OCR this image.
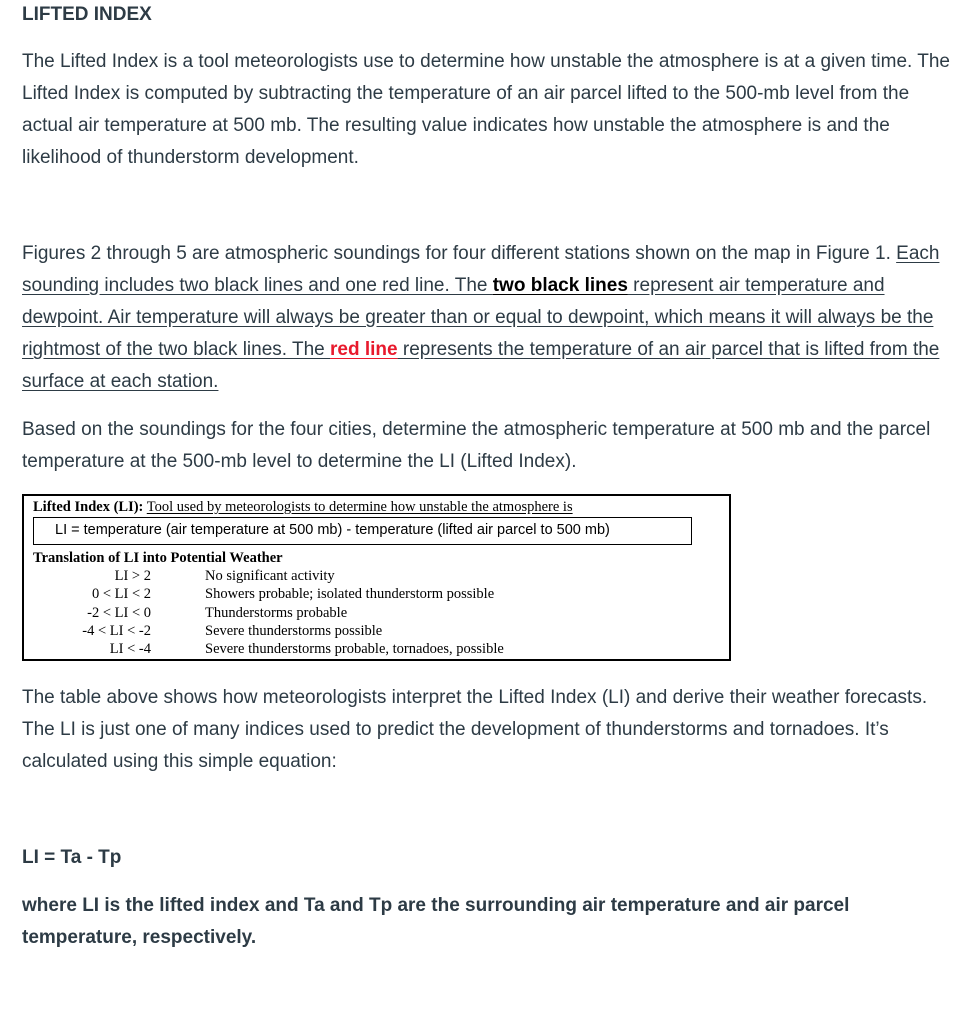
LIFTED INDEX

The Lifted Index is a tool meteorologists use to determine how unstable the atmosphere is at a given time. The Lifted Index is computed by subtracting the temperature of an air parcel lifted to the 500-mb level from the actual air temperature at 500 mb. The resulting value indicates how unstable the atmosphere is and the likelihood of thunderstorm development.

Figures 2 through 5 are atmospheric soundings for four different stations shown on the map in Figure 1. Each sounding includes two black lines and one red line. The two black lines represent air temperature and dewpoint. Air temperature will always be greater than or equal to dewpoint, which means it will always be the rightmost of the two black lines. The red line represents the temperature of an air parcel that is lifted from the surface at each station.

Based on the soundings for the four cities, determine the atmospheric temperature at 500 mb and the parcel temperature at the 500-mb level to determine the LI (Lifted Index).

Lifted Index (LI): Tool used by meteorologists to determine how unstable the atmosphere is

LI = temperature (air temperature at 500 mb) - temperature (lifted air parcel to 500 mb)

Translation of LI into Potential Weather

LI > 2	No significant activity
0 < LI < 2	Showers probable; isolated thunderstorm possible
-2 < LI < 0	Thunderstorms probable
-4 < LI < -2	Severe thunderstorms possible
LI < -4	Severe thunderstorms probable, tornadoes, possible

The table above shows how meteorologists interpret the Lifted Index (LI) and derive their weather forecasts. The LI is just one of many indices used to predict the development of thunderstorms and tornadoes. It’s calculated using this simple equation:

LI = Ta - Tp

where LI is the lifted index and Ta and Tp are the surrounding air temperature and air parcel temperature, respectively.
